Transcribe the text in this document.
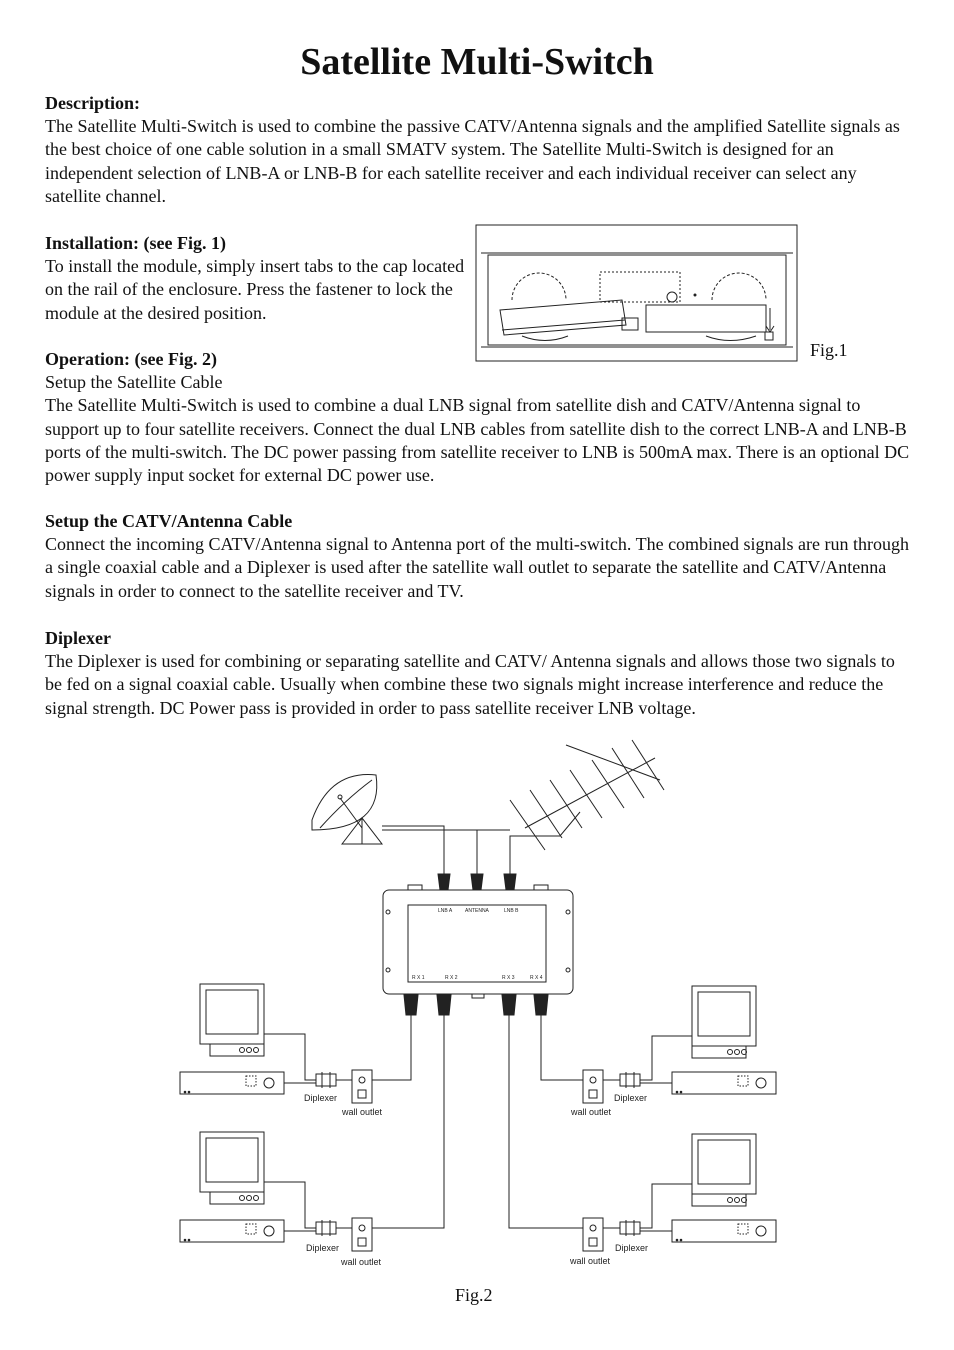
Satellite Multi-Switch
Description:

The Satellite Multi-Switch is used to combine the passive CATV/Antenna signals and the amplified Satellite signals as the best choice of one cable solution in a small SMATV system. The Satellite Multi-Switch is designed for an independent selection of LNB-A or LNB-B for each satellite receiver and each individual receiver can select any satellite channel.

Installation: (see Fig. 1)

To install the module, simply insert tabs to the cap located on the rail of the enclosure. Press the fastener to lock the module at the desired position.

Operation: (see Fig. 2)

Setup the Satellite Cable

The Satellite Multi-Switch is used to combine a dual LNB signal from satellite dish and CATV/Antenna signal to support up to four satellite receivers. Connect the dual LNB cables from satellite dish to the correct LNB-A and LNB-B ports of the multi-switch. The DC power passing from satellite receiver to LNB is 500mA max. There is an optional DC power supply input socket for external DC power use.

Setup the CATV/Antenna Cable

Connect the incoming CATV/Antenna signal to Antenna port of the multi-switch. The combined signals are run through a single coaxial cable and a Diplexer is used after the satellite wall outlet to separate the satellite and CATV/Antenna signals in order to connect to the satellite receiver and TV.

Diplexer

The Diplexer is used for combining or separating satellite and CATV/ Antenna signals and allows those two signals to be fed on a signal coaxial cable. Usually when combine these two signals might increase interference and reduce the signal strength. DC Power pass is provided in order to pass satellite receiver LNB voltage.

Fig.1
Fig.2
LNB A	ANTENNA	LNB B
R X 1	R X 2	R X 3	R X 4
Diplexer
wall outlet
Diplexer
wall outlet
Diplexer
wall outlet
Diplexer
wall outlet
